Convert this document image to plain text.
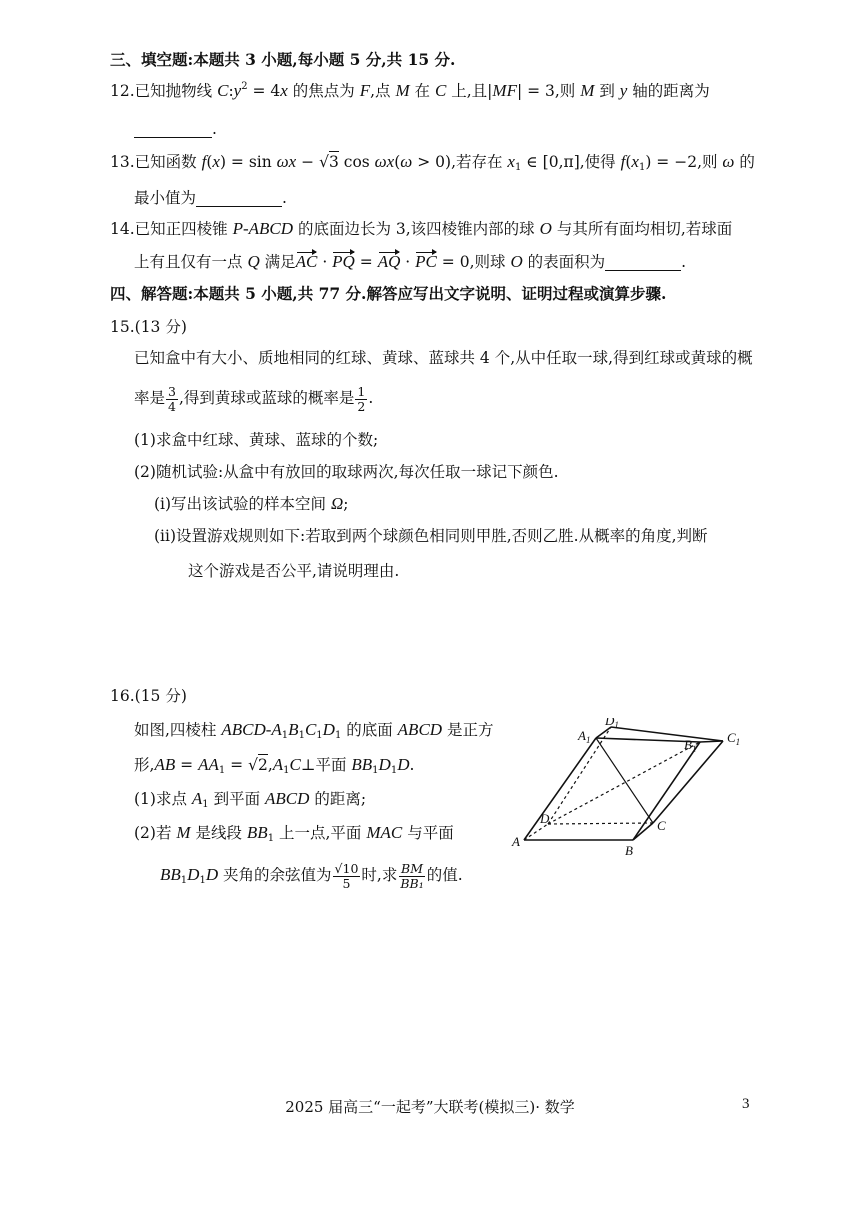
三、填空题:本题共 3 小题,每小题 5 分,共 15 分.
12.已知抛物线 $C:y^2 = 4x$ 的焦点为 F,点 M 在 C 上,且|MF| = 3,则 M 到 y 轴的距离为
.
13.已知函数 f(x) = sin ωx − √3 cos ωx(ω > 0),若存在 $x_1$ ∈ [0,π],使得 $f(x_1) = -2$,则 ω 的
最小值为	.
14.已知正四棱锥 P-ABCD 的底面边长为 3,该四棱锥内部的球 O 与其所有面均相切,若球面
上有且仅有一点 Q 满足AC · PQ = AQ · PC = 0,则球 O 的表面积为	.
四、解答题:本题共 5 小题,共 77 分.解答应写出文字说明、证明过程或演算步骤.
15.(13 分)
已知盒中有大小、质地相同的红球、黄球、蓝球共 4 个,从中任取一球,得到红球或黄球的概
率是 $\frac{3}{4}$ ,得到黄球或蓝球的概率是 $\frac{1}{2}$ .
(1)求盒中红球、黄球、蓝球的个数;
(2)随机试验:从盒中有放回的取球两次,每次任取一球记下颜色.
(ⅰ)写出该试验的样本空间 Ω;
(ⅱ)设置游戏规则如下:若取到两个球颜色相同则甲胜,否则乙胜.从概率的角度,判断
这个游戏是否公平,请说明理由.
16.(15 分)
如图,四棱柱 ABCD-$A_1B_1C_1D_1$ 的底面 ABCD 是正方
形$,AB = AA_1$ = $√2,A_1C\perp$平面 $BB_1D_1D$.
(1)求点 $A_1$ 到平面 ABCD 的距离;
(2)若 M 是线段 $BB_1$ 上一点,平面 MAC 与平面
$BB_1D_1D$ 夹角的余弦值为 $\frac{√10}{5}$ 时,求 $\frac{BM}{\text{BB₁}}$ 的值.
A
B
C
D
$A_1$	$B_1$
$C_1$
$D_1$
2025 届高三“一起考”大联考(模拟三)· 数学	3
